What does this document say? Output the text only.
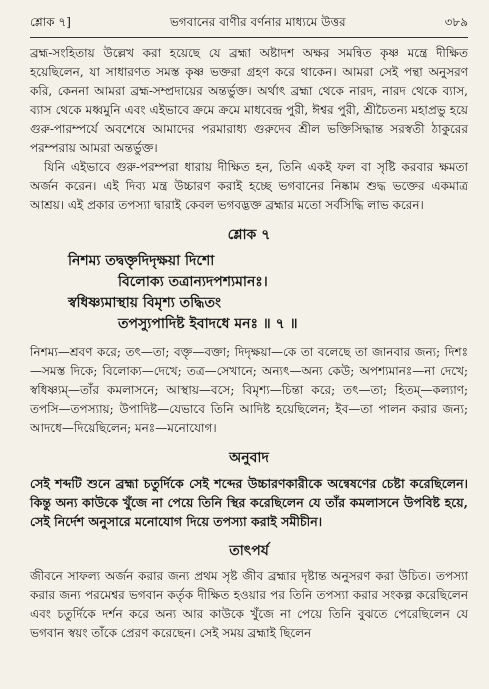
শ্লোক ৭]	ভগবানের বাণীর বর্ণনার মাধ্যমে উত্তর	৩৮৯

ব্রহ্ম-সংহিতায় উল্লেখ করা হয়েছে যে ব্রহ্মা অষ্টাদশ অক্ষর সমন্বিত কৃষ্ণ মন্ত্রে দীক্ষিত হয়েছিলেন, যা সাধারণত সমস্ত কৃষ্ণ ভক্তরা গ্রহণ করে থাকেন। আমরা সেই পন্থা অনুসরণ করি, কেননা আমরা ব্রহ্ম-সম্প্রদায়ের অন্তর্ভুক্ত। অর্থাৎ ব্রহ্মা থেকে নারদ, নারদ থেকে ব্যাস, ব্যাস থেকে মধ্বমুনি এবং এইভাবে ক্রমে ক্রমে মাধবেন্দ্র পুরী, ঈশ্বর পুরী, শ্রীচৈতন্য মহাপ্রভু হয়ে গুরু-পারম্পর্যে অবশেষে আমাদের পরমারাধ্য গুরুদেব শ্রীল ভক্তিসিদ্ধান্ত সরস্বতী ঠাকুরের পরম্পরায় আমরা অন্তর্ভুক্ত।

যিনি এইভাবে গুরু-পরম্পরা ধারায় দীক্ষিত হন, তিনি একই ফল বা সৃষ্টি করবার ক্ষমতা অর্জন করেন। এই দিব্য মন্ত্র উচ্চারণ করাই হচ্ছে ভগবানের নিষ্কাম শুদ্ধ ভক্তের একমাত্র আশ্রয়। এই প্রকার তপস্যা দ্বারাই কেবল ভগবদ্ভক্ত ব্রহ্মার মতো সর্বসিদ্ধি লাভ করেন।

শ্লোক ৭
নিশম্য তদ্বক্তৃদিদৃক্ষয়া দিশো
বিলোক্য তত্রান্যদপশ্যমানঃ।
স্বধিষ্ণ্যমাস্থায় বিমৃশ্য তদ্ধিতং
তপস্যুপাদিষ্ট ইবাদধে মনঃ ॥ ৭ ॥

নিশম্য—শ্রবণ করে; তৎ—তা; বক্তৃ—বক্তা; দিদৃক্ষয়া—কে তা বলেছে তা জানবার জন্য; দিশঃ—সমস্ত দিকে; বিলোক্য—দেখে; তত্র—সেখানে; অন্যৎ—অন্য কেউ; অপশ্যমানঃ—না দেখে; স্বধিষ্ণ্যম্—তাঁর কমলাসনে; আস্থায়—বসে; বিমৃশ্য—চিন্তা করে; তৎ—তা; হিতম্—কল্যাণ; তপসি—তপস্যায়; উপাদিষ্ট—যেভাবে তিনি আদিষ্ট হয়েছিলেন; ইব—তা পালন করার জন্য; আদধে—দিয়েছিলেন; মনঃ—মনোযোগ।

অনুবাদ

সেই শব্দটি শুনে ব্রহ্মা চতুর্দিকে সেই শব্দের উচ্চারণকারীকে অন্বেষণের চেষ্টা করেছিলেন। কিন্তু অন্য কাউকে খুঁজে না পেয়ে তিনি স্থির করেছিলেন যে তাঁর কমলাসনে উপবিষ্ট হয়ে, সেই নির্দেশ অনুসারে মনোযোগ দিয়ে তপস্যা করাই সমীচীন।

তাৎপর্য

জীবনে সাফল্য অর্জন করার জন্য প্রথম সৃষ্ট জীব ব্রহ্মার দৃষ্টান্ত অনুসরণ করা উচিত। তপস্যা করার জন্য পরমেশ্বর ভগবান কর্তৃক দীক্ষিত হওয়ার পর তিনি তপস্যা করার সংকল্প করেছিলেন এবং চতুর্দিকে দর্শন করে অন্য আর কাউকে খুঁজে না পেয়ে তিনি বুঝতে পেরেছিলেন যে ভগবান স্বয়ং তাঁকে প্রেরণ করেছেন। সেই সময় ব্রহ্মাই ছিলেন
